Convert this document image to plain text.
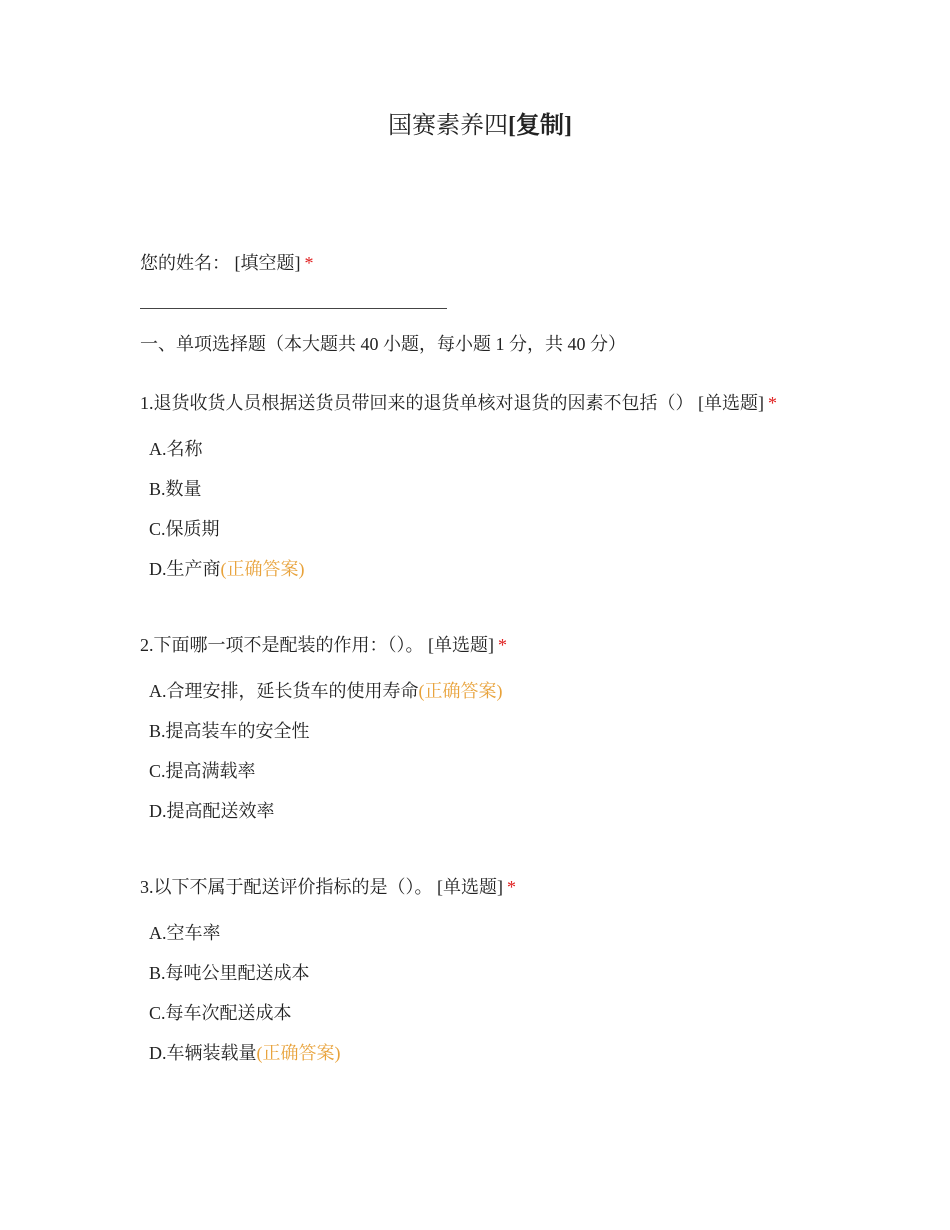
国赛素养四[复制]
您的姓名： [填空题] *
一、单项选择题（本大题共 40 小题，每小题 1 分，共 40 分）
1.退货收货人员根据送货员带回来的退货单核对退货的因素不包括（） [单选题] *
A.名称
B.数量
C.保质期
D.生产商(正确答案)
2.下面哪一项不是配装的作用：（）。 [单选题] *
A.合理安排，延长货车的使用寿命(正确答案)
B.提高装车的安全性
C.提高满载率
D.提高配送效率
3.以下不属于配送评价指标的是（）。 [单选题] *
A.空车率
B.每吨公里配送成本
C.每车次配送成本
D.车辆装载量(正确答案)
